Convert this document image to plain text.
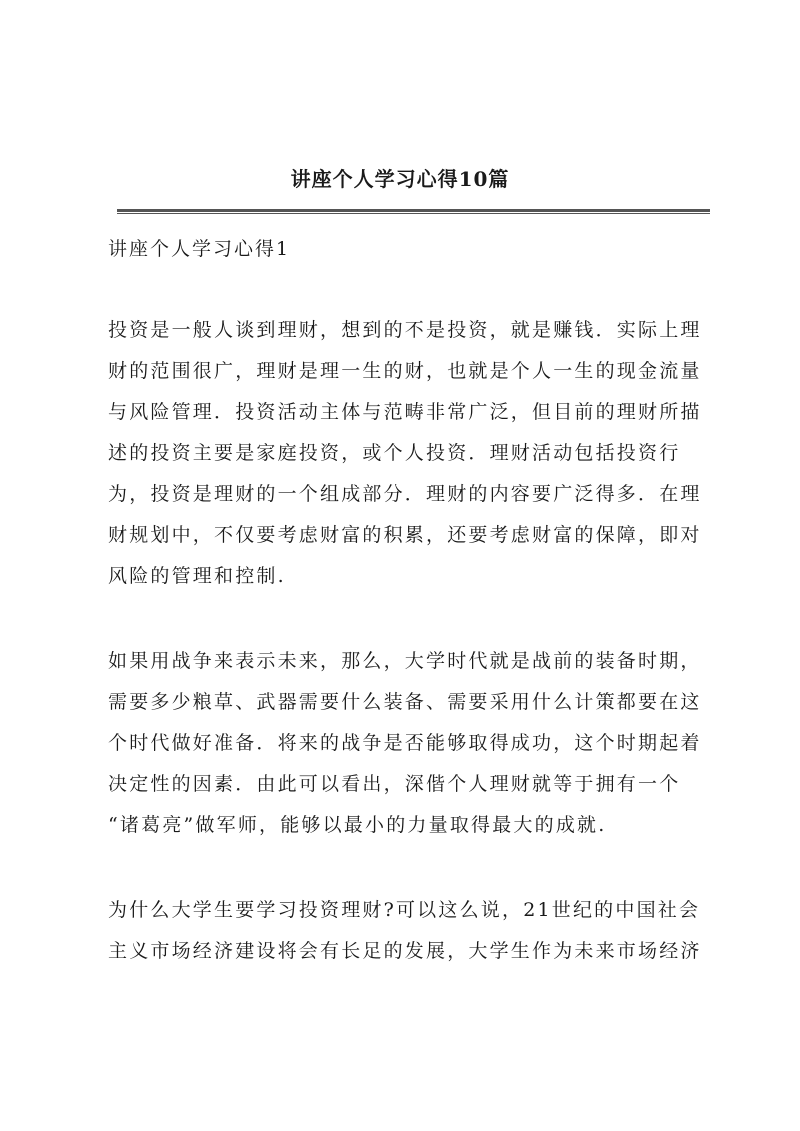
讲座个人学习心得10篇
讲座个人学习心得1

投资是一般人谈到理财，想到的不是投资，就是赚钱．实际上理
财的范围很广，理财是理一生的财，也就是个人一生的现金流量
与风险管理．投资活动主体与范畴非常广泛，但目前的理财所描
述的投资主要是家庭投资，或个人投资．理财活动包括投资行
为，投资是理财的一个组成部分．理财的内容要广泛得多．在理
财规划中，不仅要考虑财富的积累，还要考虑财富的保障，即对
风险的管理和控制.

如果用战争来表示未来，那么，大学时代就是战前的装备时期，
需要多少粮草、武器需要什么装备、需要采用什么计策都要在这
个时代做好准备．将来的战争是否能够取得成功，这个时期起着
决定性的因素．由此可以看出，深偕个人理财就等于拥有一个
“诸葛亮”做军师，能够以最小的力量取得最大的成就.

为什么大学生要学习投资理财?可以这么说，21世纪的中国社会
主义市场经济建设将会有长足的发展，大学生作为未来市场经济
